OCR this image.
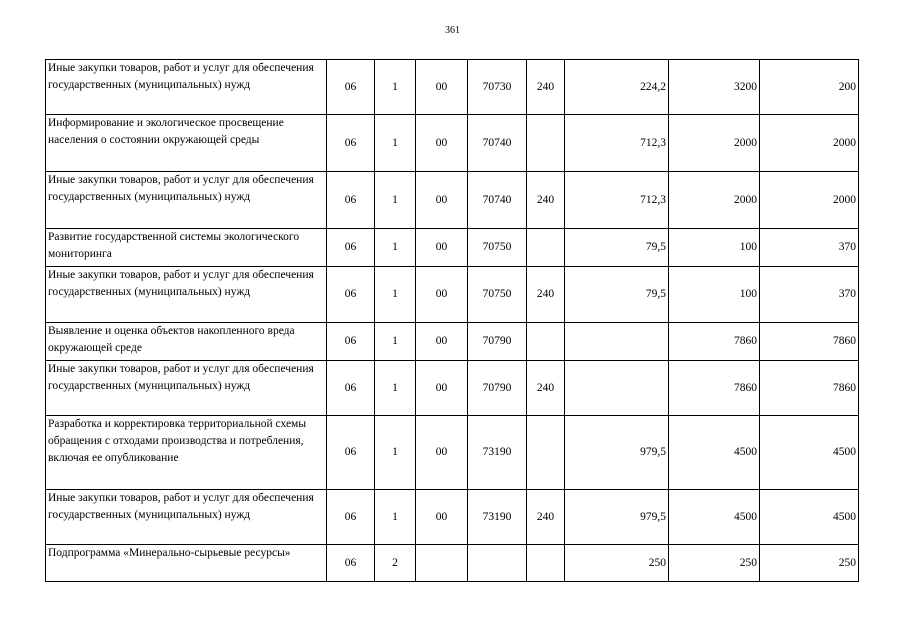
361
Иные закупки товаров, работ и услуг для обеспечения государственных (муниципальных) нужд	06	1	00	70730	240	224,2	3200	200
Информирование и экологическое просвещение населения о состоянии окружающей среды	06	1	00	70740		712,3	2000	2000
Иные закупки товаров, работ и услуг для обеспечения государственных (муниципальных) нужд	06	1	00	70740	240	712,3	2000	2000
Развитие государственной системы экологического мониторинга	06	1	00	70750		79,5	100	370
Иные закупки товаров, работ и услуг для обеспечения государственных (муниципальных) нужд	06	1	00	70750	240	79,5	100	370
Выявление и оценка объектов накопленного вреда окружающей среде	06	1	00	70790			7860	7860
Иные закупки товаров, работ и услуг для обеспечения государственных (муниципальных) нужд	06	1	00	70790	240		7860	7860
Разработка и корректировка территориальной схемы обращения с отходами производства и потребления, включая ее опубликование	06	1	00	73190		979,5	4500	4500
Иные закупки товаров, работ и услуг для обеспечения государственных (муниципальных) нужд	06	1	00	73190	240	979,5	4500	4500
Подпрограмма «Минерально-сырьевые ресурсы»	06	2				250	250	250
